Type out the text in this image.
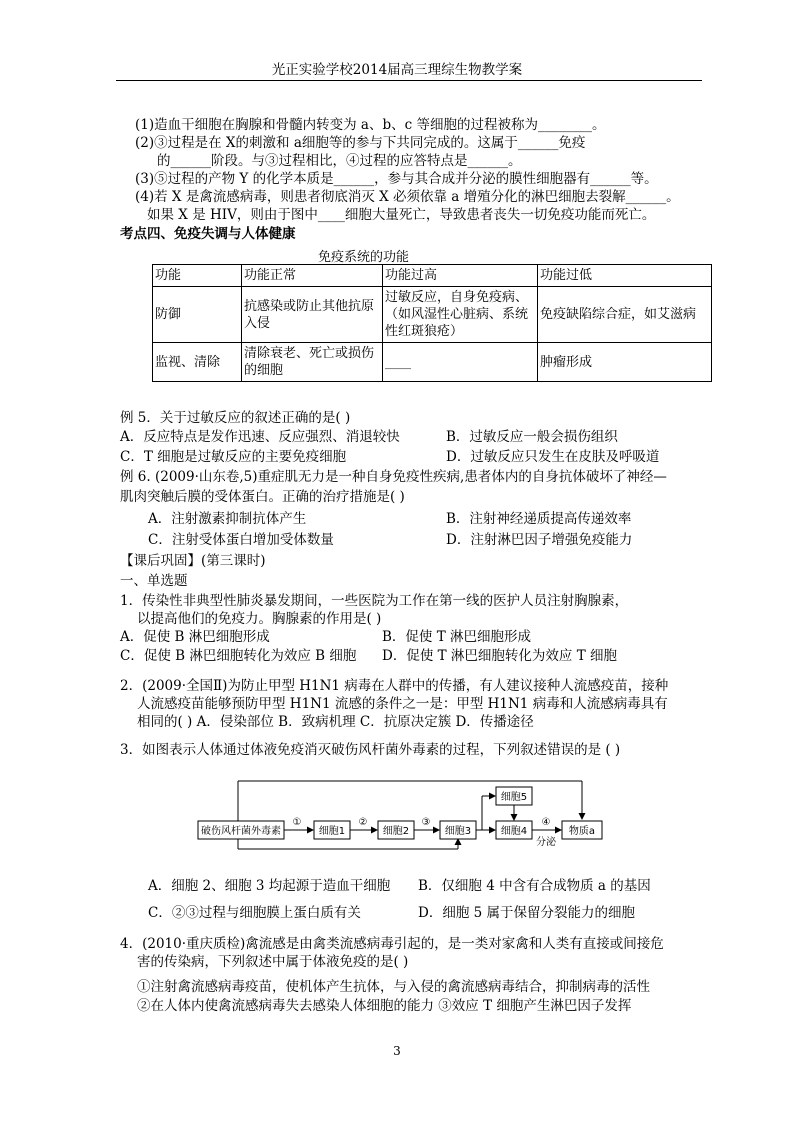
光正实验学校2014届高三理综生物教学案
(1)造血干细胞在胸腺和骨髓内转变为 a、b、c 等细胞的过程被称为________。
(2)③过程是在 X的刺激和 a细胞等的参与下共同完成的。这属于______免疫
的______阶段。与③过程相比，④过程的应答特点是______。
(3)⑤过程的产物 Y 的化学本质是______，参与其合成并分泌的膜性细胞器有______等。
(4)若 X 是禽流感病毒，则患者彻底消灭 X 必须依靠 a 增殖分化的淋巴细胞去裂解______。
如果 X 是 HIV，则由于图中____细胞大量死亡，导致患者丧失一切免疫功能而死亡。
考点四、免疫失调与人体健康
免疫系统的功能
功能	功能正常	功能过高	功能过低
防御	抗感染或防止其他抗原入侵	过敏反应，自身免疫病、（如风湿性心脏病、系统性红斑狼疮）	免疫缺陷综合症，如艾滋病
监视、清除	清除衰老、死亡或损伤的细胞	____	肿瘤形成
例 5．关于过敏反应的叙述正确的是( )
A．反应特点是发作迅速、反应强烈、消退较快	B．过敏反应一般会损伤组织
C．T 细胞是过敏反应的主要免疫细胞	D．过敏反应只发生在皮肤及呼吸道
例 6. (2009·山东卷,5)重症肌无力是一种自身免疫性疾病,患者体内的自身抗体破坏了神经—
肌肉突触后膜的受体蛋白。正确的治疗措施是( )
A．注射激素抑制抗体产生	B．注射神经递质提高传递效率
C．注射受体蛋白增加受体数量	D．注射淋巴因子增强免疫能力
【课后巩固】(第三课时)
一、单选题
1．传染性非典型性肺炎暴发期间，一些医院为工作在第一线的医护人员注射胸腺素，
以提高他们的免疫力。胸腺素的作用是( )
A．促使 B 淋巴细胞形成	B．促使 T 淋巴细胞形成
C．促使 B 淋巴细胞转化为效应 B 细胞 D．促使 T 淋巴细胞转化为效应 T 细胞
2．(2009·全国Ⅱ)为防止甲型 H1N1 病毒在人群中的传播，有人建议接种人流感疫苗，接种
人流感疫苗能够预防甲型 H1N1 流感的条件之一是：甲型 H1N1 病毒和人流感病毒具有
相同的( ) A．侵染部位 B．致病机理 C．抗原决定簇 D．传播途径
3．如图表示人体通过体液免疫消灭破伤风杆菌外毒素的过程，下列叙述错误的是 ( )
破伤风杆菌外毒素	细胞1	细胞2	细胞3	细胞4
细胞5
物质a
①	②	③	④
分泌
A．细胞 2、细胞 3 均起源于造血干细胞 B．仅细胞 4 中含有合成物质 a 的基因
C．②③过程与细胞膜上蛋白质有关	D．细胞 5 属于保留分裂能力的细胞
4．(2010·重庆质检)禽流感是由禽类流感病毒引起的，是一类对家禽和人类有直接或间接危
害的传染病，下列叙述中属于体液免疫的是( )
①注射禽流感病毒疫苗，使机体产生抗体，与入侵的禽流感病毒结合，抑制病毒的活性
②在人体内使禽流感病毒失去感染人体细胞的能力 ③效应 T 细胞产生淋巴因子发挥
3
